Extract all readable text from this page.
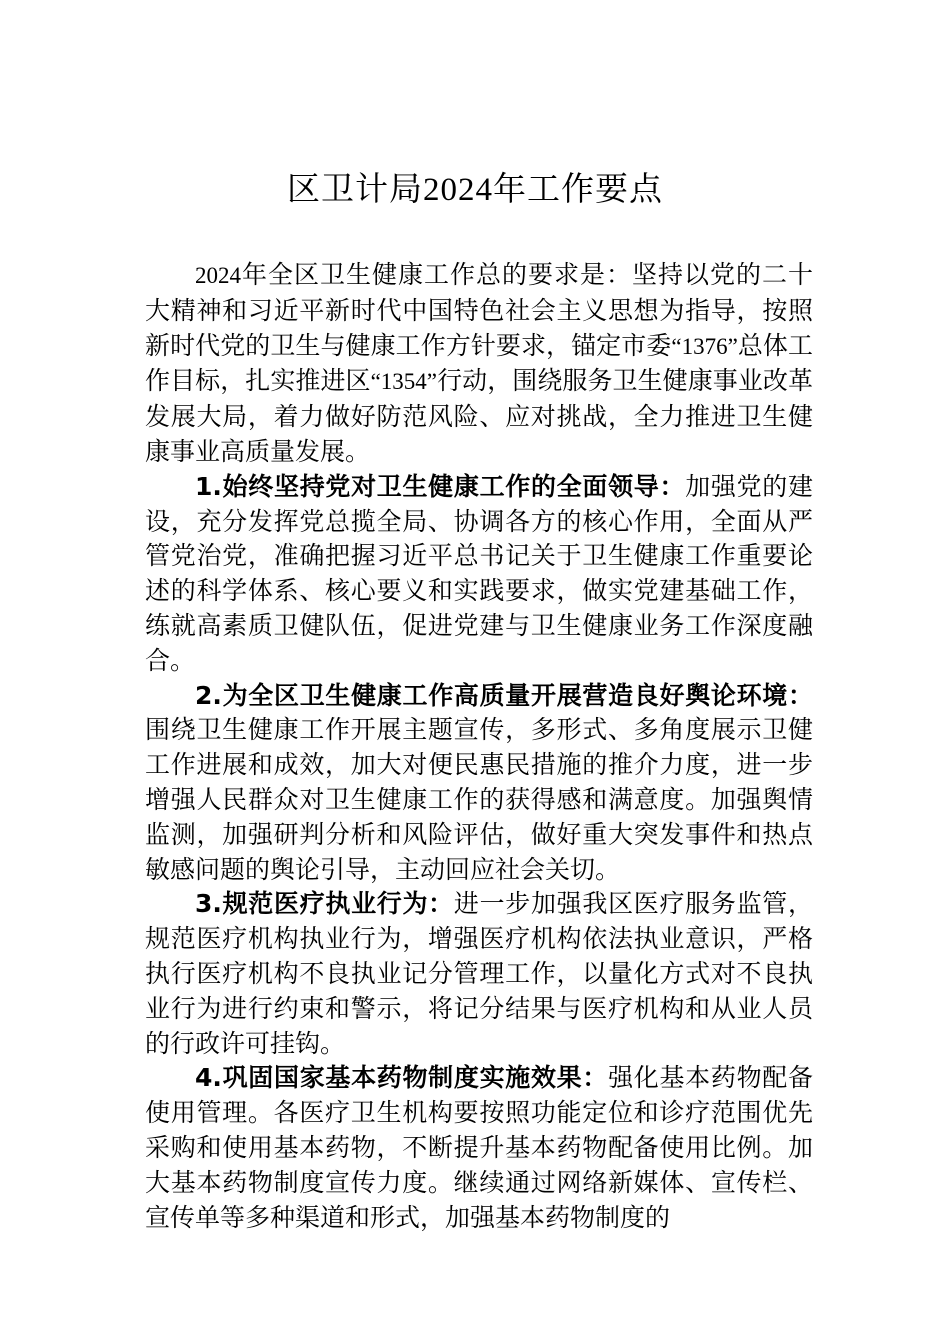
区卫计局2024年工作要点

2024年全区卫生健康工作总的要求是：坚持以党的二十大精神和习近平新时代中国特色社会主义思想为指导，按照新时代党的卫生与健康工作方针要求，锚定市委“1376”总体工作目标，扎实推进区“1354”行动，围绕服务卫生健康事业改革发展大局，着力做好防范风险、应对挑战，全力推进卫生健康事业高质量发展。

1.始终坚持党对卫生健康工作的全面领导：加强党的建设，充分发挥党总揽全局、协调各方的核心作用，全面从严管党治党，准确把握习近平总书记关于卫生健康工作重要论述的科学体系、核心要义和实践要求，做实党建基础工作，练就高素质卫健队伍，促进党建与卫生健康业务工作深度融合。

2.为全区卫生健康工作高质量开展营造良好舆论环境：围绕卫生健康工作开展主题宣传，多形式、多角度展示卫健工作进展和成效，加大对便民惠民措施的推介力度，进一步增强人民群众对卫生健康工作的获得感和满意度。加强舆情监测，加强研判分析和风险评估，做好重大突发事件和热点敏感问题的舆论引导，主动回应社会关切。

3.规范医疗执业行为：进一步加强我区医疗服务监管，规范医疗机构执业行为，增强医疗机构依法执业意识，严格执行医疗机构不良执业记分管理工作，以量化方式对不良执业行为进行约束和警示，将记分结果与医疗机构和从业人员的行政许可挂钩。

4.巩固国家基本药物制度实施效果：强化基本药物配备使用管理。各医疗卫生机构要按照功能定位和诊疗范围优先采购和使用基本药物，不断提升基本药物配备使用比例。加大基本药物制度宣传力度。继续通过网络新媒体、宣传栏、宣传单等多种渠道和形式，加强基本药物制度的
